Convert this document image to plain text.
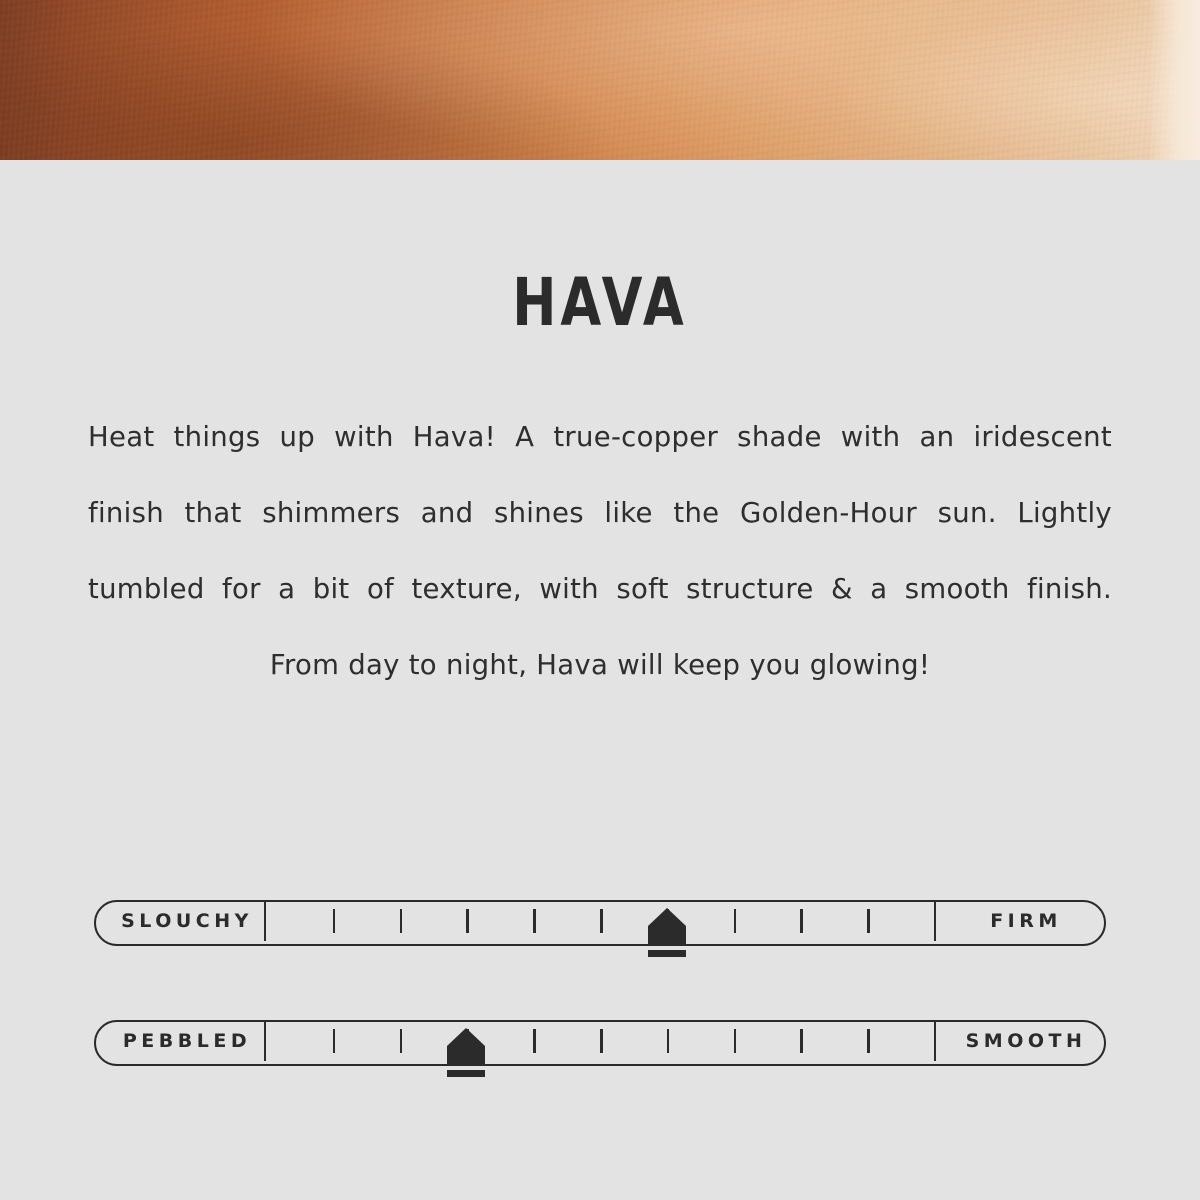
HAVA

Heat things up with Hava! A true-copper shade with an iridescent
finish that shimmers and shines like the Golden-Hour sun. Lightly
tumbled for a bit of texture, with soft structure & a smooth finish.
From day to night, Hava will keep you glowing!

SLOUCHY	FIRM
PEBBLED	SMOOTH
